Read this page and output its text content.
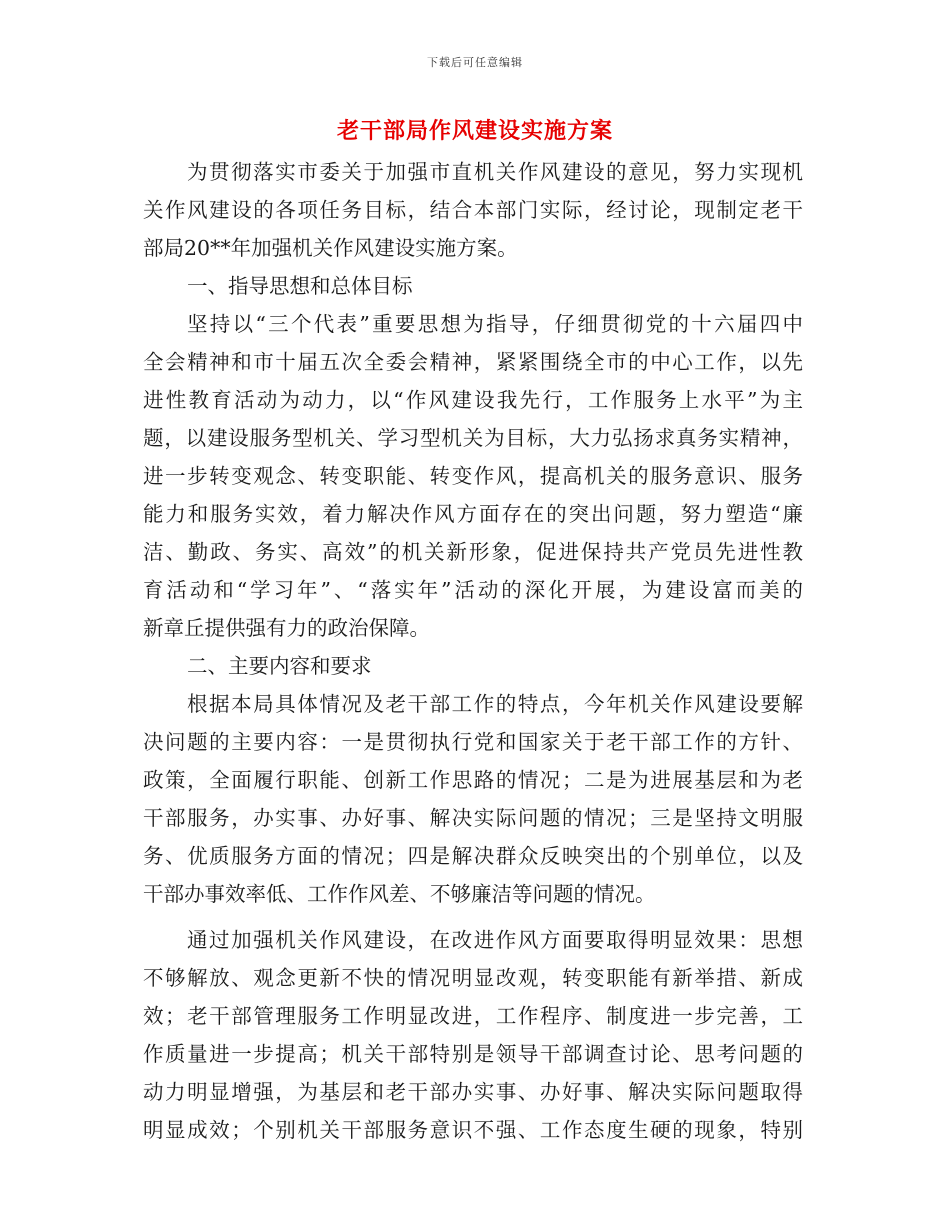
下载后可任意编辑
老干部局作风建设实施方案
为贯彻落实市委关于加强市直机关作风建设的意见，努力实现机
关作风建设的各项任务目标，结合本部门实际，经讨论，现制定老干
部局20**年加强机关作风建设实施方案。
一、指导思想和总体目标
坚持以“三个代表”重要思想为指导，仔细贯彻党的十六届四中
全会精神和市十届五次全委会精神，紧紧围绕全市的中心工作，以先
进性教育活动为动力，以“作风建设我先行，工作服务上水平”为主
题，以建设服务型机关、学习型机关为目标，大力弘扬求真务实精神，
进一步转变观念、转变职能、转变作风，提高机关的服务意识、服务
能力和服务实效，着力解决作风方面存在的突出问题，努力塑造“廉
洁、勤政、务实、高效”的机关新形象，促进保持共产党员先进性教
育活动和“学习年”、“落实年”活动的深化开展，为建设富而美的
新章丘提供强有力的政治保障。
二、主要内容和要求
根据本局具体情况及老干部工作的特点，今年机关作风建设要解
决问题的主要内容：一是贯彻执行党和国家关于老干部工作的方针、
政策，全面履行职能、创新工作思路的情况；二是为进展基层和为老
干部服务，办实事、办好事、解决实际问题的情况；三是坚持文明服
务、优质服务方面的情况；四是解决群众反映突出的个别单位，以及
干部办事效率低、工作作风差、不够廉洁等问题的情况。
通过加强机关作风建设，在改进作风方面要取得明显效果：思想
不够解放、观念更新不快的情况明显改观，转变职能有新举措、新成
效；老干部管理服务工作明显改进，工作程序、制度进一步完善，工
作质量进一步提高；机关干部特别是领导干部调查讨论、思考问题的
动力明显增强，为基层和老干部办实事、办好事、解决实际问题取得
明显成效；个别机关干部服务意识不强、工作态度生硬的现象，特别
